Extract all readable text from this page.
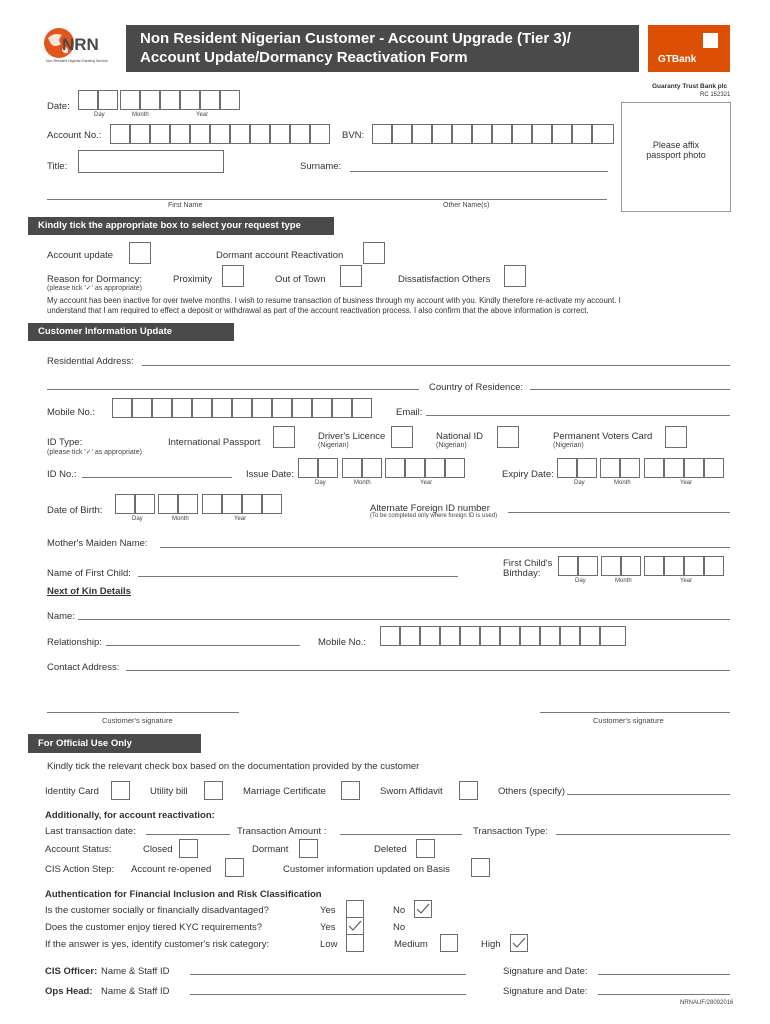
NRN
Non-Resident Nigerian Banking Service
Non Resident Nigerian Customer - Account Upgrade (Tier 3)/
Account Update/Dormancy Reactivation Form	GTBank
Guaranty Trust Bank plc
RC 152321
Date:
Day	Month	Year
Account No.:	BVN:
Please affix passport photo
Title:	Surname:
First Name	Other Name(s)
Kindly tick the appropriate box to select your request type
Account update	Dormant account Reactivation
Reason for Dormancy:
(please tick '✓' as appropriate)
Proximity	Out of Town	Dissatisfaction Others
My account has been inactive for over twelve months. I wish to resume transaction of business through my account with you. Kindly therefore re-activate my account. I
understand that I am required to effect a deposit or withdrawal as part of the account reactivation process. I also confirm that the above information is correct.
Customer Information Update
Residential Address:
Country of Residence:
Mobile No.:	Email:
ID Type:
(please tick '✓' as appropriate)
International Passport
Driver's Licence
(Nigerian)
National ID
(Nigerian)
Permanent Voters Card
(Nigerian)
ID No.:	Issue Date:
Day	Month	Year
Expiry Date:
Day	Month	Year
Date of Birth:
Day	Month	Year
Alternate Foreign ID number
(To be completed only where foreign ID is used)
Mother's Maiden Name:
Name of First Child:
First Child's
Birthday:
Day	Month	Year
Next of Kin Details
Name:
Relationship:	Mobile No.:
Contact Address:
Customer's signature	Customer's signature
For Official Use Only
Kindly tick the relevant check box based on the documentation provided by the customer
Identity Card	Utility bill	Marriage Certificate	Sworn Affidavit	Others (specify)
Additionally, for account reactivation:
Last transaction date:	Transaction Amount :	Transaction Type:
Account Status:	Closed	Dormant	Deleted
CIS Action Step: Account re-opened	Customer information updated on Basis
Authentication for Financial Inclusion and Risk Classification
Is the customer socially or financially disadvantaged?	Yes	No
Does the customer enjoy tiered KYC requirements?	Yes	No
If the answer is yes, identify customer's risk category:	Low	Medium	High
CIS Officer: Name & Staff ID	Signature and Date:
Ops Head: Name & Staff ID	Signature and Date:
NRNAUF/28092016
